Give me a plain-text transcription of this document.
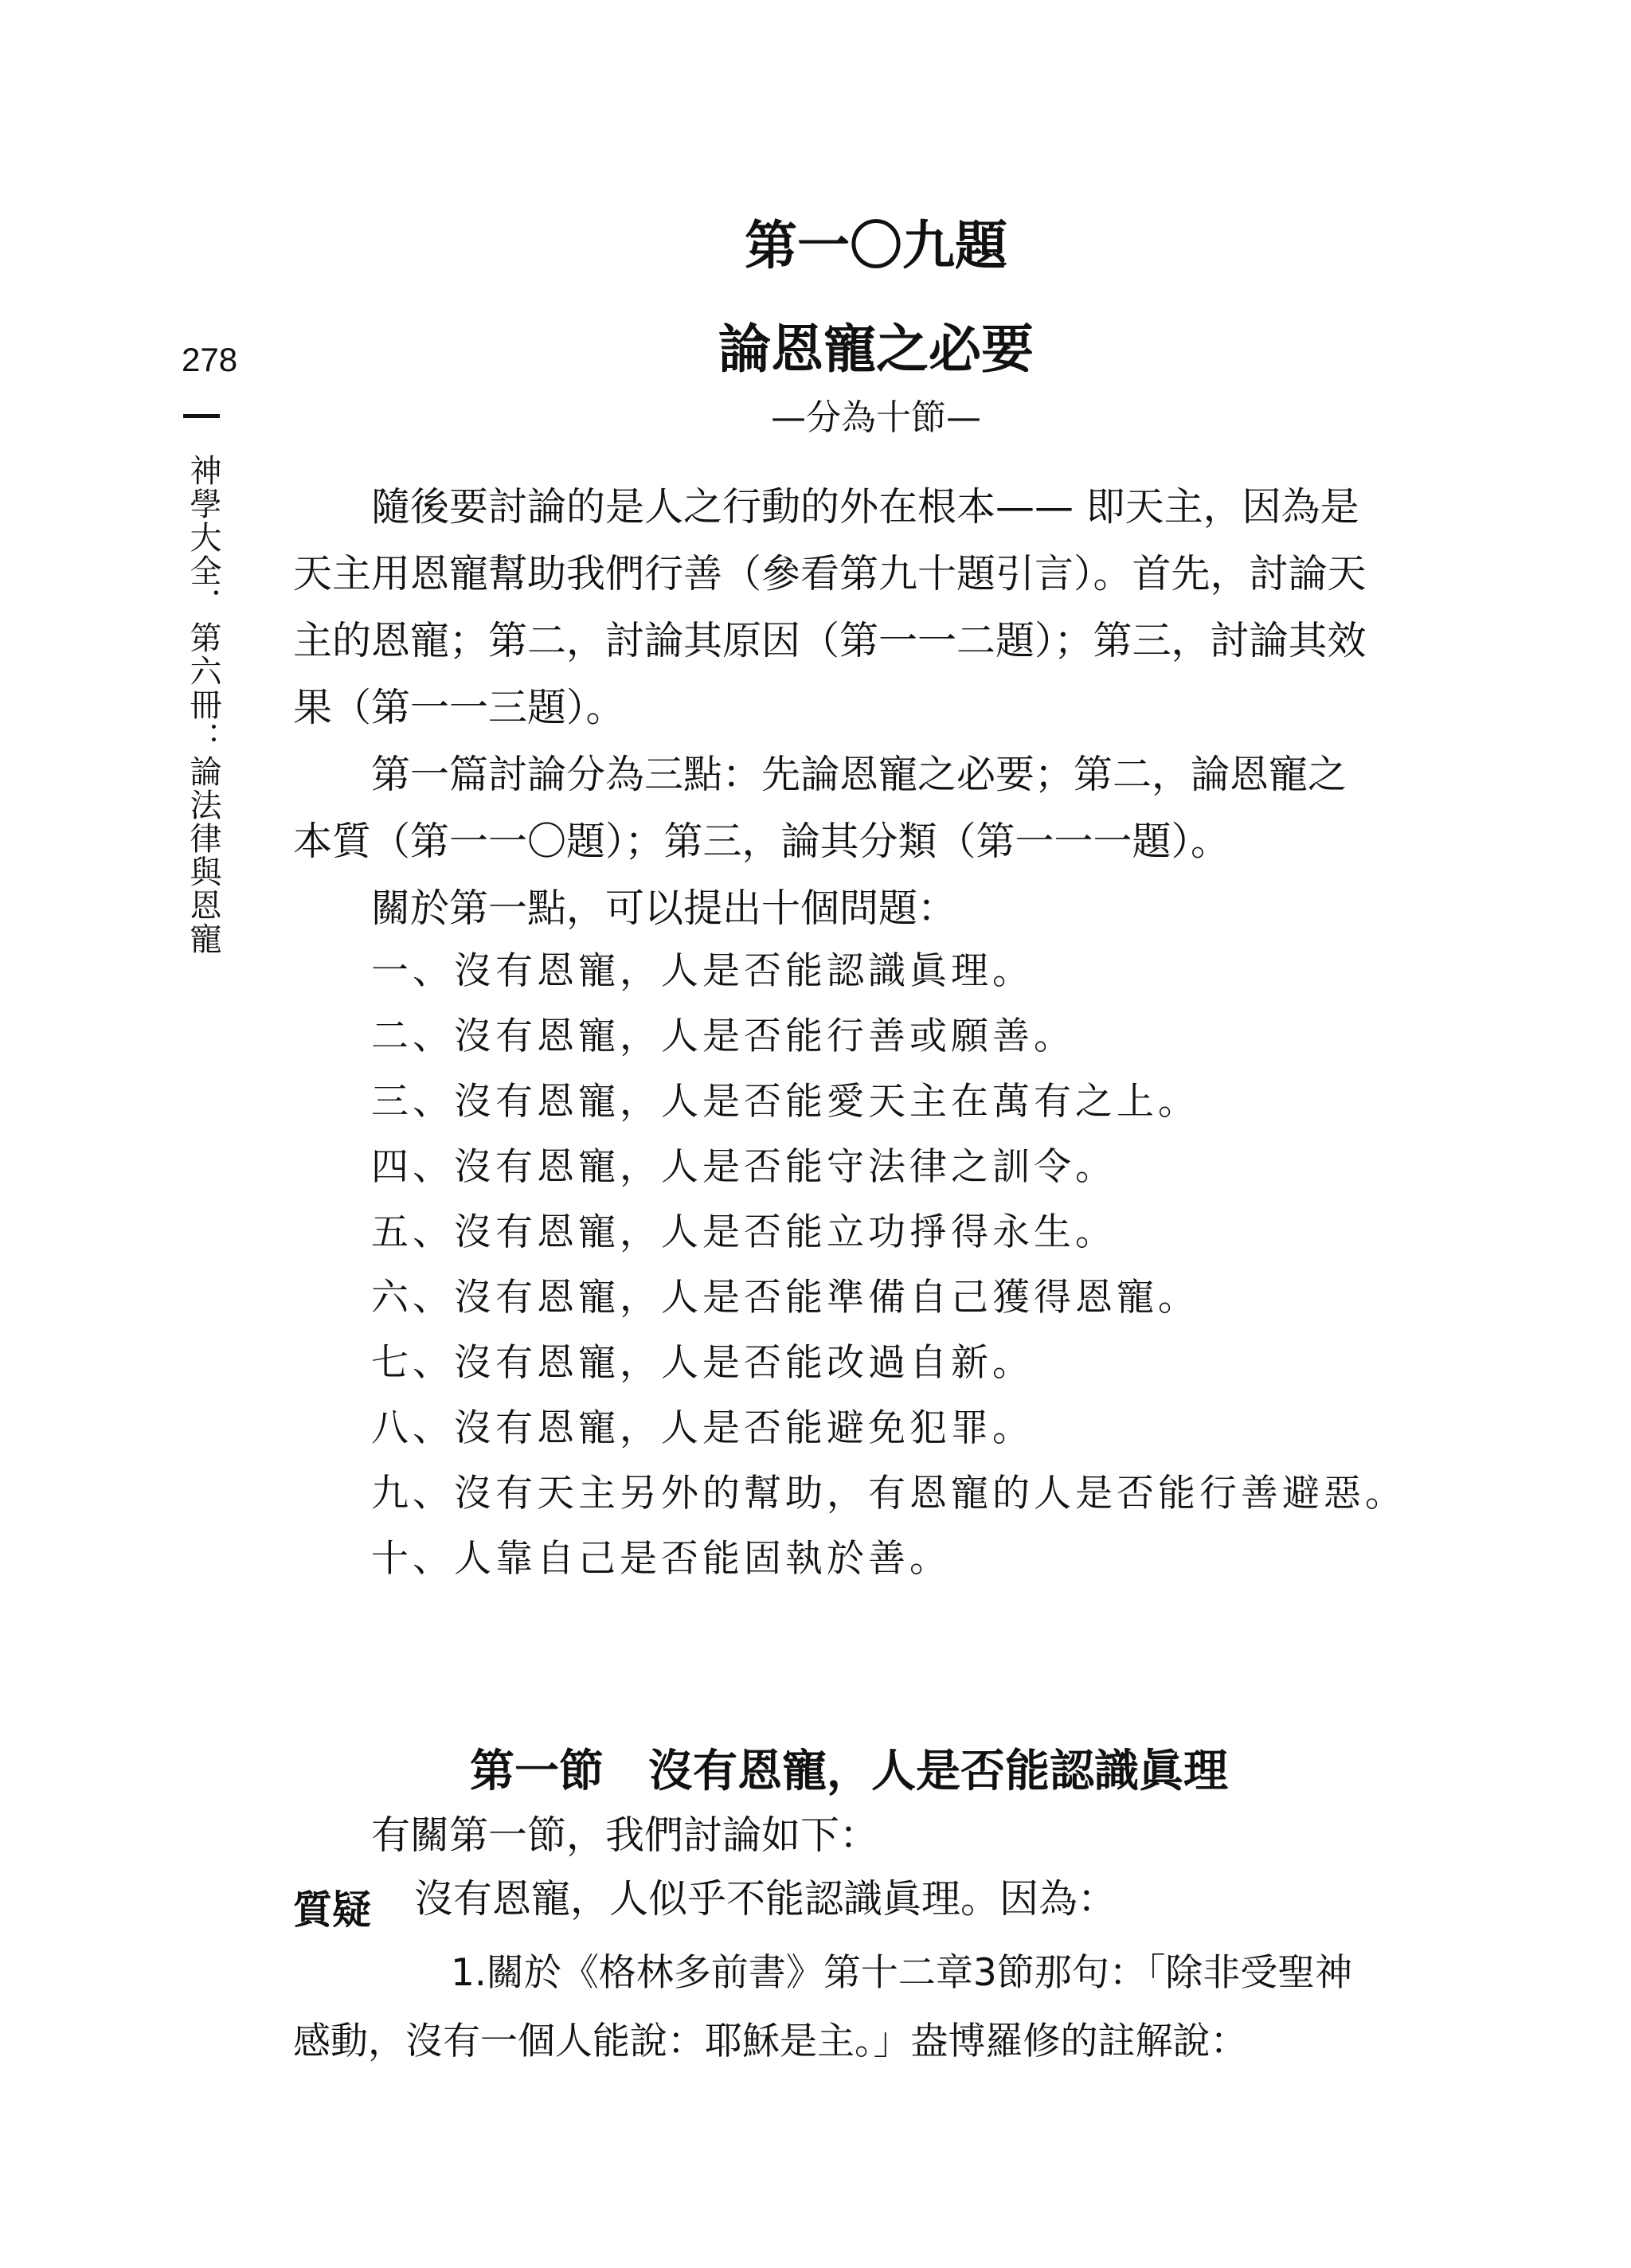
278
神學大全．第六冊：論法律與恩寵
第一〇九題
論恩寵之必要
—分為十節—
隨後要討論的是人之行動的外在根本—— 即天主，因為是
天主用恩寵幫助我們行善（參看第九十題引言）。首先，討論天
主的恩寵；第二，討論其原因（第一一二題）；第三，討論其效
果（第一一三題）。
第一篇討論分為三點：先論恩寵之必要；第二，論恩寵之
本質（第一一〇題）；第三，論其分類（第一一一題）。
關於第一點，可以提出十個問題：
一、沒有恩寵，人是否能認識眞理。
二、沒有恩寵，人是否能行善或願善。
三、沒有恩寵，人是否能愛天主在萬有之上。
四、沒有恩寵，人是否能守法律之訓令。
五、沒有恩寵，人是否能立功掙得永生。
六、沒有恩寵，人是否能準備自己獲得恩寵。
七、沒有恩寵，人是否能改過自新。
八、沒有恩寵，人是否能避免犯罪。
九、沒有天主另外的幫助，有恩寵的人是否能行善避惡。
十、人靠自己是否能固執於善。
第一節　沒有恩寵，人是否能認識眞理
有關第一節，我們討論如下：
質疑 沒有恩寵，人似乎不能認識眞理。因為：
1.關於《格林多前書》第十二章3節那句：「除非受聖神
感動，沒有一個人能說：耶穌是主。」盎博羅修的註解說：
